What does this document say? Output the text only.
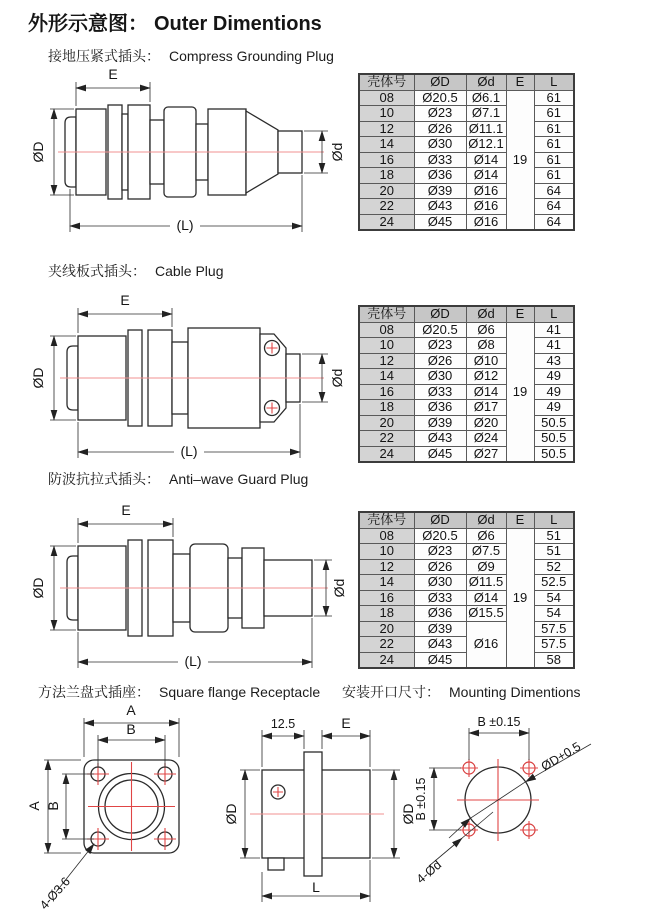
外形示意图： Outer Dimentions
接地压紧式插头： Compress Grounding Plug
E
ØD	Ød
(L)
壳体号	ØD	Ød	E	L
08	Ø20.5	Ø6.1	19	61
10	Ø23	Ø7.1		61
12	Ø26	Ø11.1		61
14	Ø30	Ø12.1		61
16	Ø33	Ø14		61
18	Ø36	Ø14		61
20	Ø39	Ø16		64
22	Ø43	Ø16		64
24	Ø45	Ø16		64
夹线板式插头： Cable Plug
E
ØD	Ød
(L)
壳体号	ØD	Ød	E	L
08	Ø20.5	Ø6	19	41
10	Ø23	Ø8		41
12	Ø26	Ø10		43
14	Ø30	Ø12		49
16	Ø33	Ø14		49
18	Ø36	Ø17		49
20	Ø39	Ø20		50.5
22	Ø43	Ø24		50.5
24	Ø45	Ø27		50.5
防波抗拉式插头： Anti–wave Guard Plug
E
ØD	Ød
(L)
壳体号	ØD	Ød	E	L
08	Ø20.5	Ø6	19	51
10	Ø23	Ø7.5		51
12	Ø26	Ø9		52
14	Ø30	Ø11.5		52.5
16	Ø33	Ø14		54
18	Ø36	Ø15.5		54
20	Ø39	Ø16		57.5
22	Ø43			57.5
24	Ø45			58
方法兰盘式插座： Square flange Receptacle 安装开口尺寸： Mounting Dimentions
A
B
A B
4-Ø3.6
12.5	E
ØD	ØD
L
B ±0.15
B ±0.15
ØD+0.5
4-Ød
